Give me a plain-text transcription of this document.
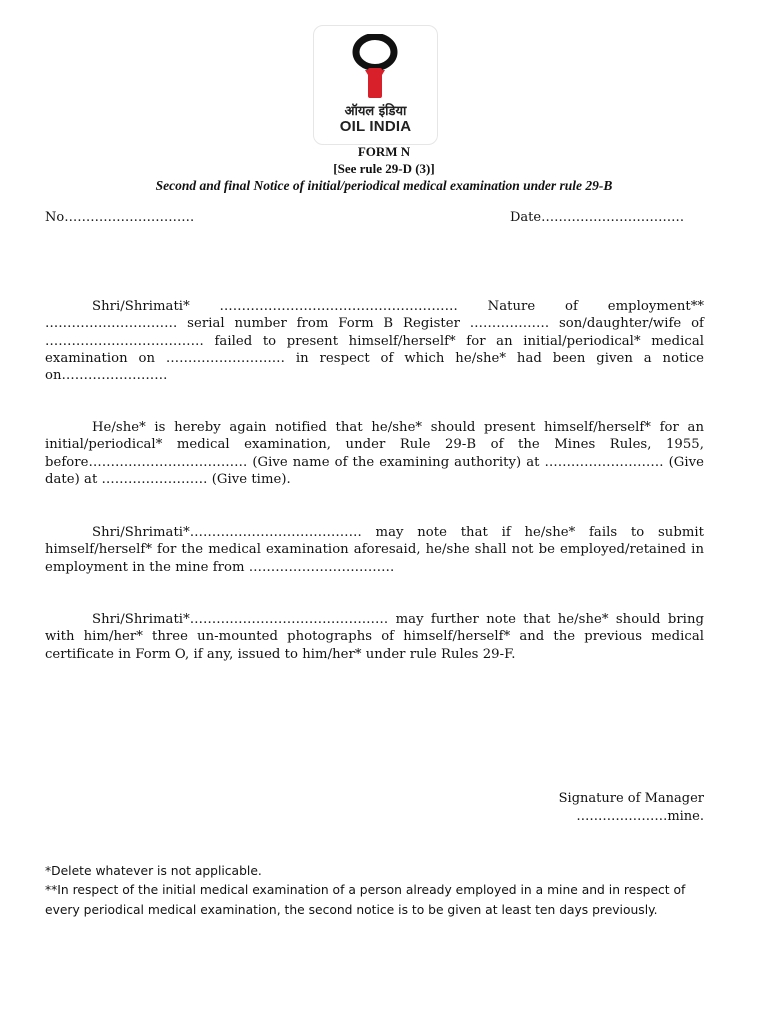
ऑयल इंडिया
OIL INDIA
FORM N
[See rule 29-D (3)]
Second and final Notice of initial/periodical medical examination under rule 29-B
No…………………………	Date……………………………
Shri/Shrimati* ……………………………………………… Nature of employment** ………………………… serial number from Form B Register ……………… son/daughter/wife of ……………………………… failed to present himself/herself* for an initial/periodical* medical examination on ……………………… in respect of which he/she* had been given a notice on……………………
He/she* is hereby again notified that he/she* should present himself/herself* for an initial/periodical* medical examination, under Rule 29-B of the Mines Rules, 1955, before……………………………… (Give name of the examining authority) at ……………………… (Give date) at …………………… (Give time).
Shri/Shrimati*………………………………… may note that if he/she* fails to submit himself/herself* for the medical examination aforesaid, he/she shall not be employed/retained in employment in the mine from ……………………………
Shri/Shrimati*……………………………………… may further note that he/she* should bring with him/her* three un-mounted photographs of himself/herself* and the previous medical certificate in Form O, if any, issued to him/her* under rule Rules 29-F.
Signature of Manager
…………………mine.
*Delete whatever is not applicable.
**In respect of the initial medical examination of a person already employed in a mine and in respect of every periodical medical examination, the second notice is to be given at least ten days previously.
